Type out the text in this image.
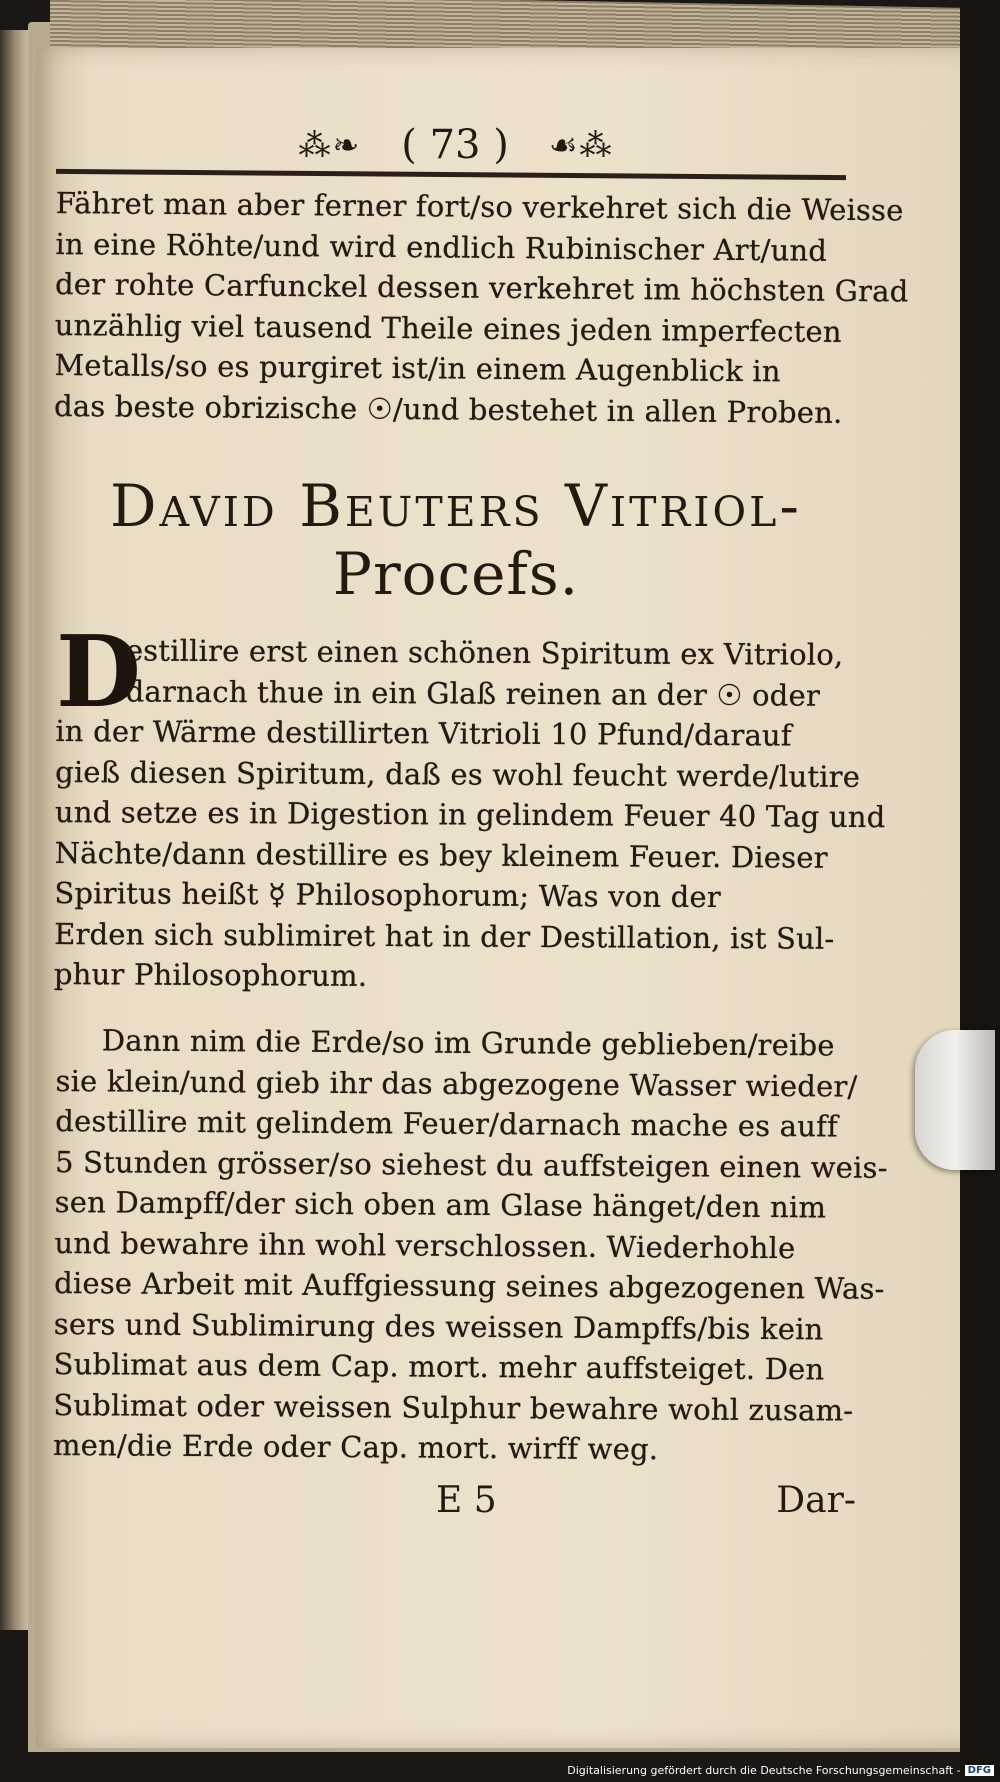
⁂❧ ( 73 ) ☙⁂
Fähret man aber ferner fort/so verkehret sich die Weisse
in eine Röhte/und wird endlich Rubinischer Art/und
der rohte Carfunckel dessen verkehret im höchsten Grad
unzählig viel tausend Theile eines jeden imperfecten
Metalls/so es purgiret ist/in einem Augenblick in
das beste obrizische ☉/und bestehet in allen Proben.
David Beuters Vitriol-
Procefs.
D
estillire erst einen schönen Spiritum ex Vitriolo,
darnach thue in ein Glaß reinen an der ☉ oder
in der Wärme destillirten Vitrioli 10 Pfund/darauf
gieß diesen Spiritum, daß es wohl feucht werde/lutire
und setze es in Digestion in gelindem Feuer 40 Tag und
Nächte/dann destillire es bey kleinem Feuer. Dieser
Spiritus heißt ☿ Philosophorum; Was von der
Erden sich sublimiret hat in der Destillation, ist Sul-
phur Philosophorum.
Dann nim die Erde/so im Grunde geblieben/reibe
sie klein/und gieb ihr das abgezogene Wasser wieder/
destillire mit gelindem Feuer/darnach mache es auff
5 Stunden grösser/so siehest du auffsteigen einen weis-
sen Dampff/der sich oben am Glase hänget/den nim
und bewahre ihn wohl verschlossen. Wiederhohle
diese Arbeit mit Auffgiessung seines abgezogenen Was-
sers und Sublimirung des weissen Dampffs/bis kein
Sublimat aus dem Cap. mort. mehr auffsteiget. Den
Sublimat oder weissen Sulphur bewahre wohl zusam-
men/die Erde oder Cap. mort. wirff weg.
E 5	Dar-
Digitalisierung gefördert durch die Deutsche Forschungsgemeinschaft - DFG
